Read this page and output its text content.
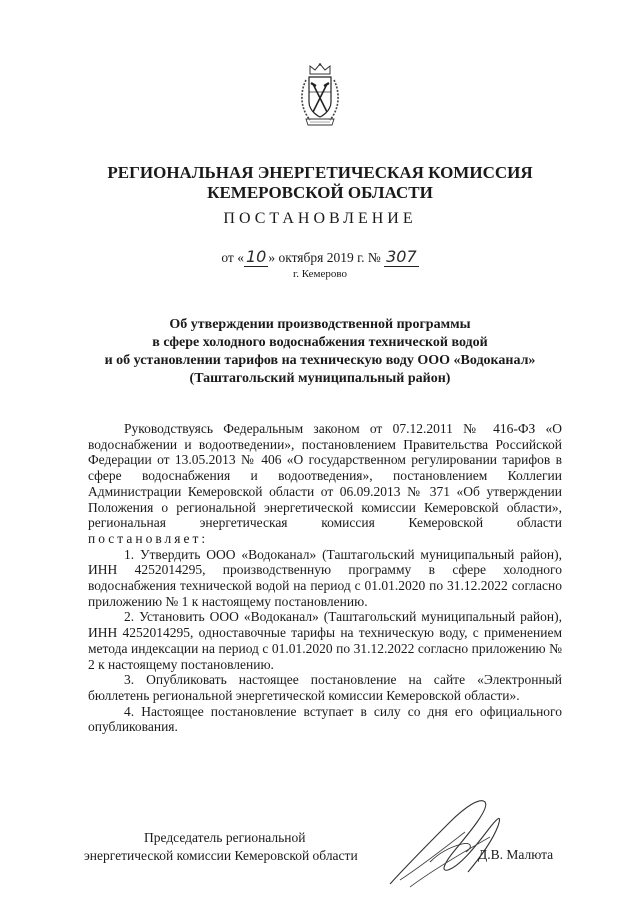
РЕГИОНАЛЬНАЯ ЭНЕРГЕТИЧЕСКАЯ КОМИССИЯ
КЕМЕРОВСКОЙ ОБЛАСТИ
ПОСТАНОВЛЕНИЕ
от « 10 » октября 2019 г. № 307
г. Кемерово
Об утверждении производственной программы
в сфере холодного водоснабжения технической водой
и об установлении тарифов на техническую воду ООО «Водоканал»
(Таштагольский муниципальный район)

Руководствуясь Федеральным законом от 07.12.2011 № 416-ФЗ «О водоснабжении и водоотведении», постановлением Правительства Российской Федерации от 13.05.2013 № 406 «О государственном регулировании тарифов в сфере водоснабжения и водоотведения», постановлением Коллегии Администрации Кемеровской области от 06.09.2013 № 371 «Об утверждении Положения о региональной энергетической комиссии Кемеровской области», региональная энергетическая комиссия Кемеровской области постановляет:

1. Утвердить ООО «Водоканал» (Таштагольский муниципальный район), ИНН 4252014295, производственную программу в сфере холодного водоснабжения технической водой на период с 01.01.2020 по 31.12.2022 согласно приложению № 1 к настоящему постановлению.

2. Установить ООО «Водоканал» (Таштагольский муниципальный район), ИНН 4252014295, одноставочные тарифы на техническую воду, с применением метода индексации на период с 01.01.2020 по 31.12.2022 согласно приложению № 2 к настоящему постановлению.

3. Опубликовать настоящее постановление на сайте «Электронный бюллетень региональной энергетической комиссии Кемеровской области».

4. Настоящее постановление вступает в силу со дня его официального опубликования.

Председатель региональной
энергетической комиссии Кемеровской области	Д.В. Малюта
